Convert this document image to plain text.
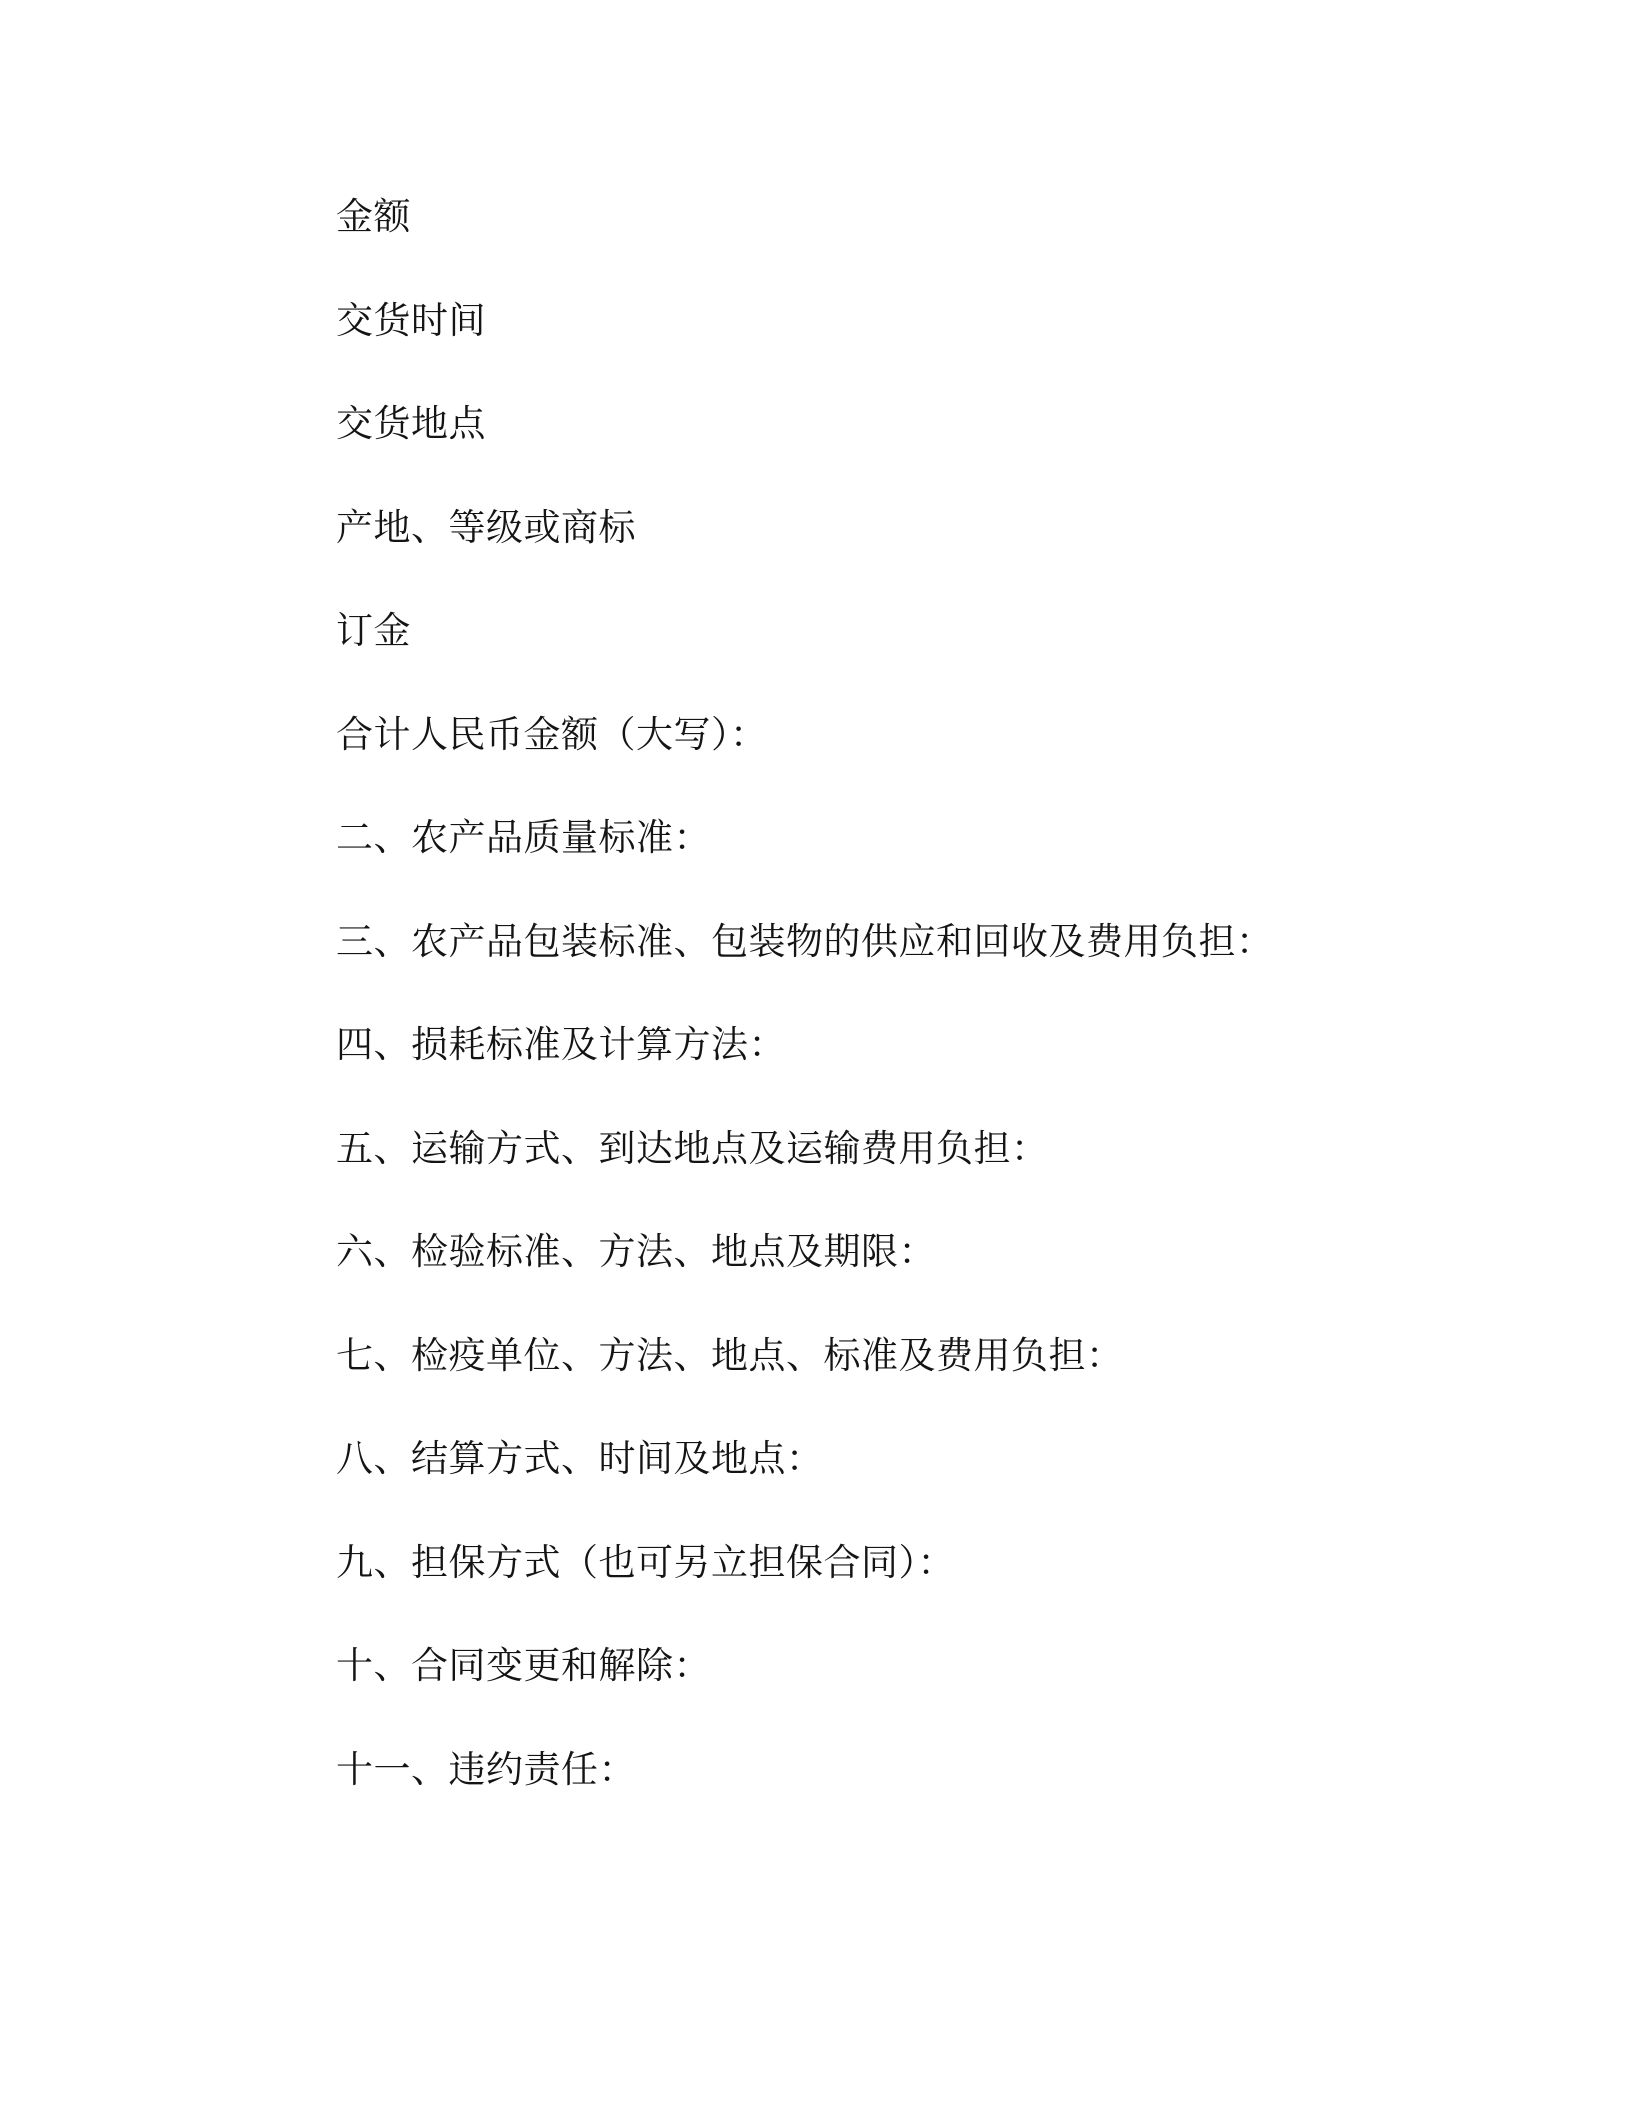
金额

交货时间

交货地点

产地、等级或商标

订金

合计人民币金额（大写）：

二、农产品质量标准：

三、农产品包装标准、包装物的供应和回收及费用负担：

四、损耗标准及计算方法：

五、运输方式、到达地点及运输费用负担：

六、检验标准、方法、地点及期限：

七、检疫单位、方法、地点、标准及费用负担：

八、结算方式、时间及地点：

九、担保方式（也可另立担保合同）：

十、合同变更和解除：

十一、违约责任：
